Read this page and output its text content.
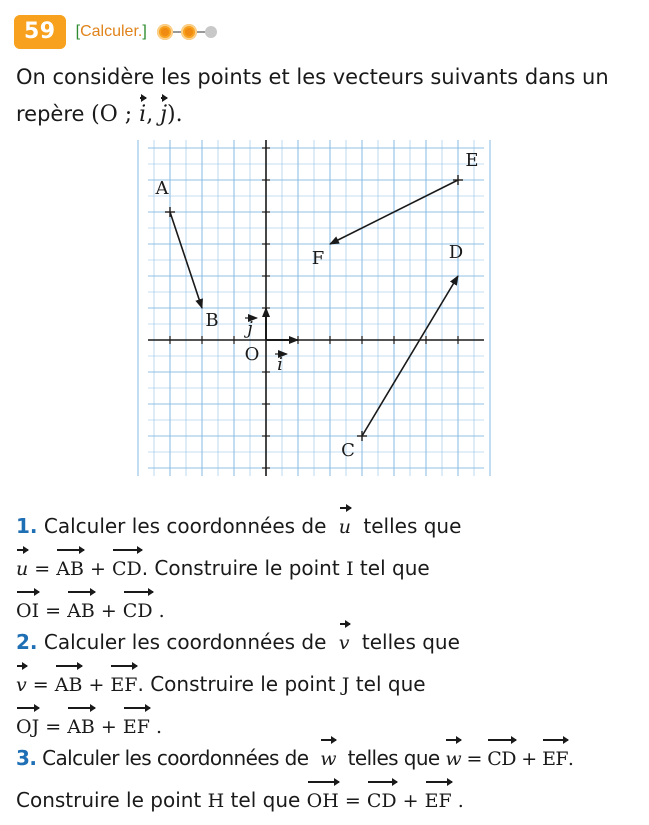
59	[Calculer.]
On considère les points et les vecteurs suivants dans un
repère (O ; i, j).
A
B
C
D
E
F
O i
j
1. Calculer les coordonnées de u telles que
u = AB + CD. Construire le point I tel que
OI = AB + CD .
2. Calculer les coordonnées de v telles que
v = AB + EF. Construire le point J tel que
OJ = AB + EF .
3. Calculer les coordonnées de w telles que w = CD + EF.
Construire le point H tel que OH = CD + EF .
